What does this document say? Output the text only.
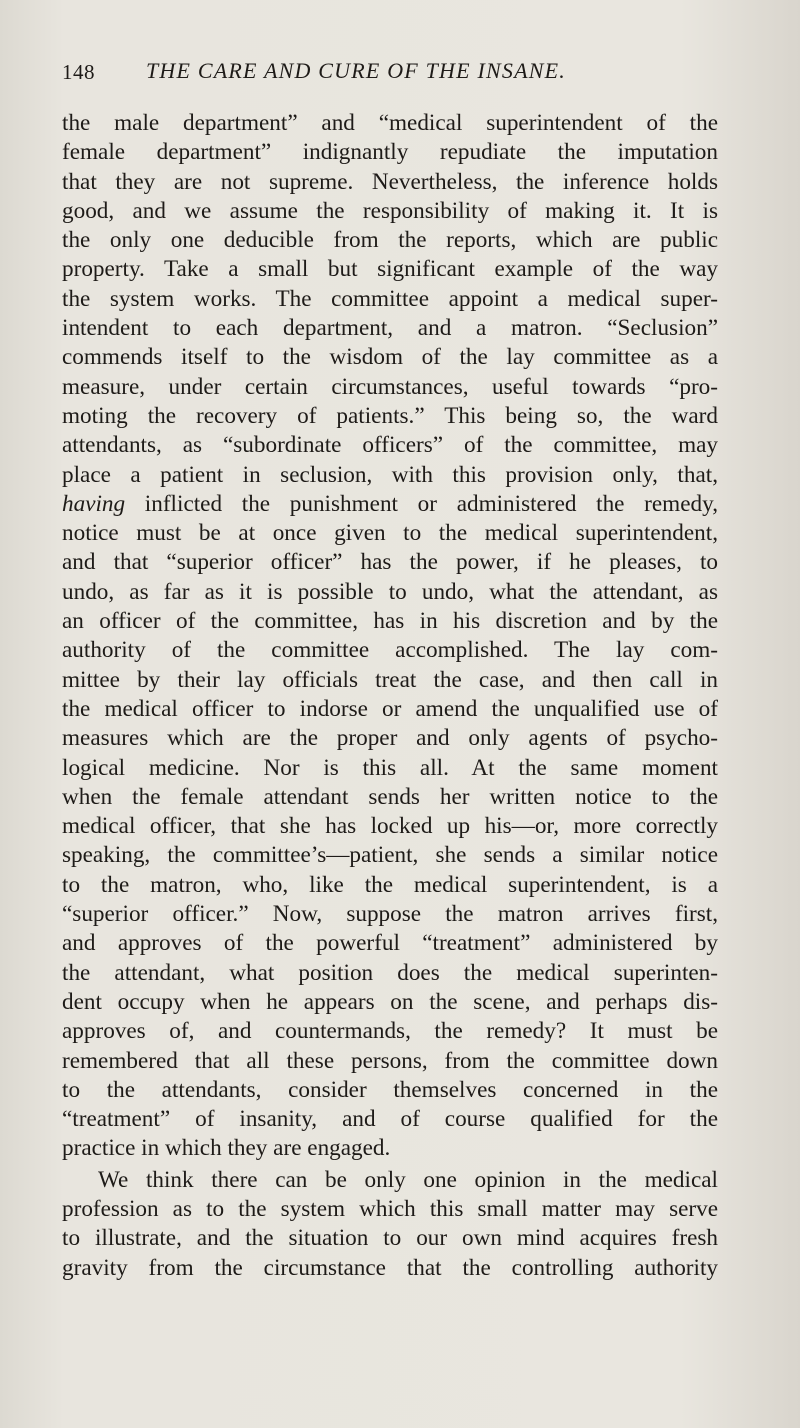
148 THE CARE AND CURE OF THE INSANE.
the male department” and “medical superintendent of the
female department” indignantly repudiate the imputation
that they are not supreme. Nevertheless, the inference holds
good, and we assume the responsibility of making it. It is
the only one deducible from the reports, which are public
property. Take a small but significant example of the way
the system works. The committee appoint a medical super-
intendent to each department, and a matron. “Seclusion”
commends itself to the wisdom of the lay committee as a
measure, under certain circumstances, useful towards “pro-
moting the recovery of patients.” This being so, the ward
attendants, as “subordinate officers” of the committee, may
place a patient in seclusion, with this provision only, that,
having inflicted the punishment or administered the remedy,
notice must be at once given to the medical superintendent,
and that “superior officer” has the power, if he pleases, to
undo, as far as it is possible to undo, what the attendant, as
an officer of the committee, has in his discretion and by the
authority of the committee accomplished. The lay com-
mittee by their lay officials treat the case, and then call in
the medical officer to indorse or amend the unqualified use of
measures which are the proper and only agents of psycho-
logical medicine. Nor is this all. At the same moment
when the female attendant sends her written notice to the
medical officer, that she has locked up his—or, more correctly
speaking, the committee’s—patient, she sends a similar notice
to the matron, who, like the medical superintendent, is a
“superior officer.” Now, suppose the matron arrives first,
and approves of the powerful “treatment” administered by
the attendant, what position does the medical superinten-
dent occupy when he appears on the scene, and perhaps dis-
approves of, and countermands, the remedy? It must be
remembered that all these persons, from the committee down
to the attendants, consider themselves concerned in the
“treatment” of insanity, and of course qualified for the
practice in which they are engaged.
We think there can be only one opinion in the medical
profession as to the system which this small matter may serve
to illustrate, and the situation to our own mind acquires fresh
gravity from the circumstance that the controlling authority
